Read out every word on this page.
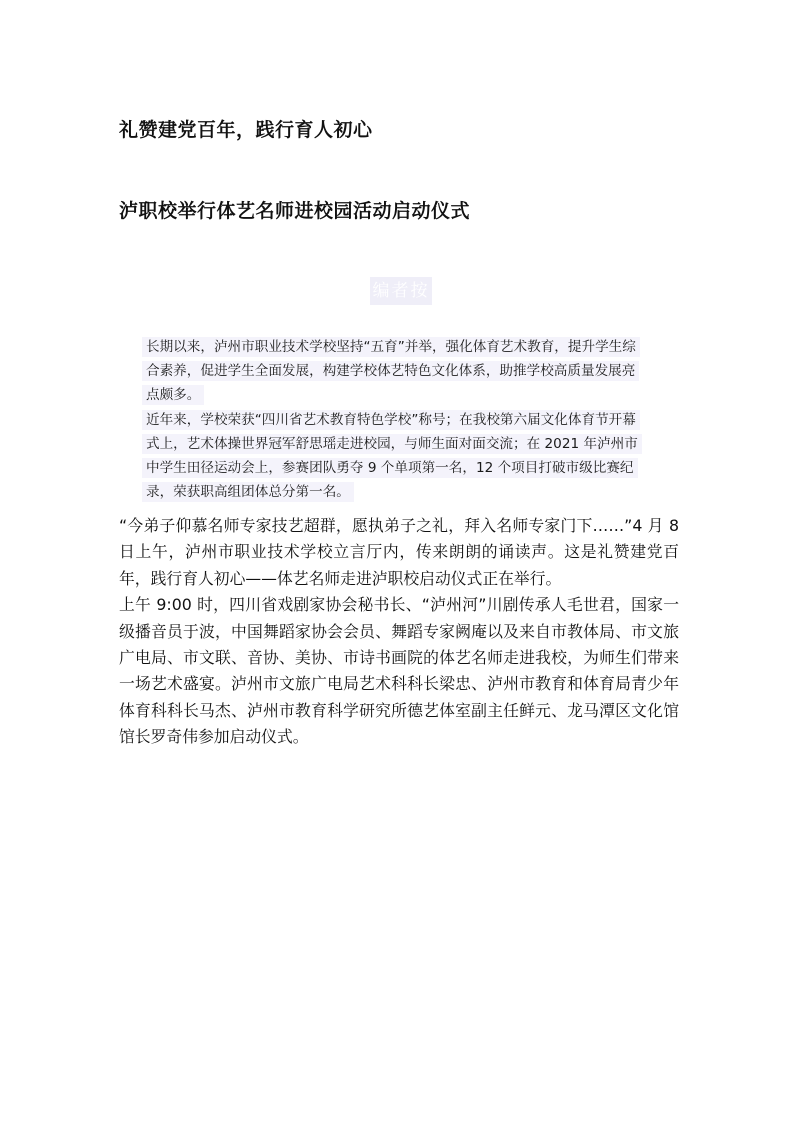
礼赞建党百年，践行育人初心
泸职校举行体艺名师进校园活动启动仪式
编者按

长期以来，泸州市职业技术学校坚持“五育”并举，强化体育艺术教育，提升学生综合素养，促进学生全面发展，构建学校体艺特色文化体系，助推学校高质量发展亮点颇多。

近年来，学校荣获“四川省艺术教育特色学校”称号；在我校第六届文化体育节开幕式上，艺术体操世界冠军舒思瑶走进校园，与师生面对面交流；在 2021 年泸州市中学生田径运动会上，参赛团队勇夺 9 个单项第一名，12 个项目打破市级比赛纪录，荣获职高组团体总分第一名。

“今弟子仰慕名师专家技艺超群，愿执弟子之礼，拜入名师专家门下……”4 月 8 日上午，泸州市职业技术学校立言厅内，传来朗朗的诵读声。这是礼赞建党百年，践行育人初心——体艺名师走进泸职校启动仪式正在举行。

上午 9:00 时，四川省戏剧家协会秘书长、“泸州河”川剧传承人毛世君，国家一级播音员于波，中国舞蹈家协会会员、舞蹈专家阙庵以及来自市教体局、市文旅广电局、市文联、音协、美协、市诗书画院的体艺名师走进我校，为师生们带来一场艺术盛宴。泸州市文旅广电局艺术科科长梁忠、泸州市教育和体育局青少年体育科科长马杰、泸州市教育科学研究所德艺体室副主任鲜元、龙马潭区文化馆馆长罗奇伟参加启动仪式。
